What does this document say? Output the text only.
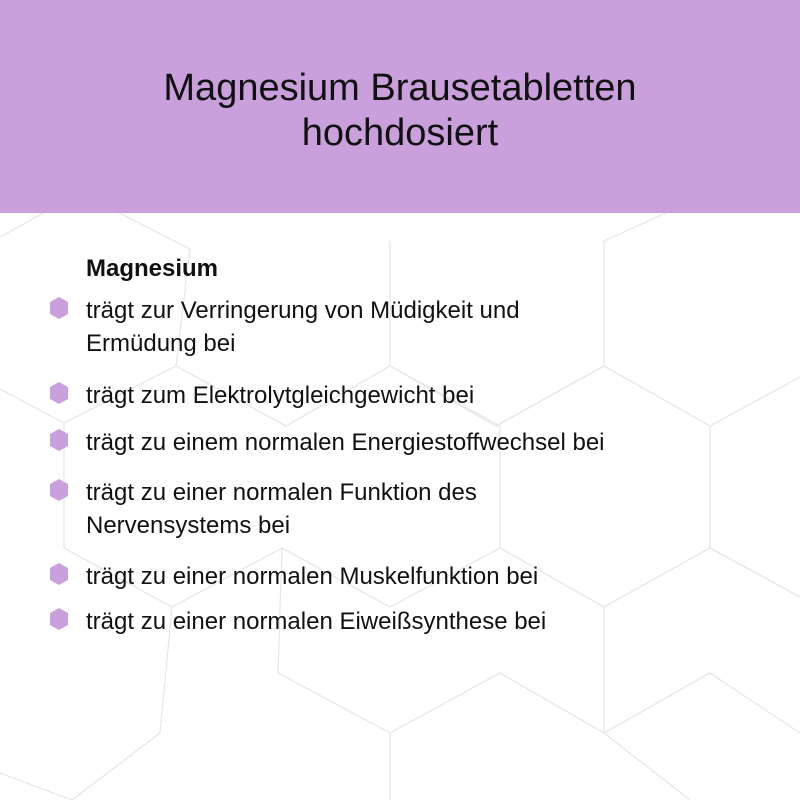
Magnesium Brausetabletten
hochdosiert
Magnesium
trägt zur Verringerung von Müdigkeit und
Ermüdung bei
trägt zum Elektrolytgleichgewicht bei
trägt zu einem normalen Energiestoffwechsel bei
trägt zu einer normalen Funktion des
Nervensystems bei
trägt zu einer normalen Muskelfunktion bei
trägt zu einer normalen Eiweißsynthese bei
